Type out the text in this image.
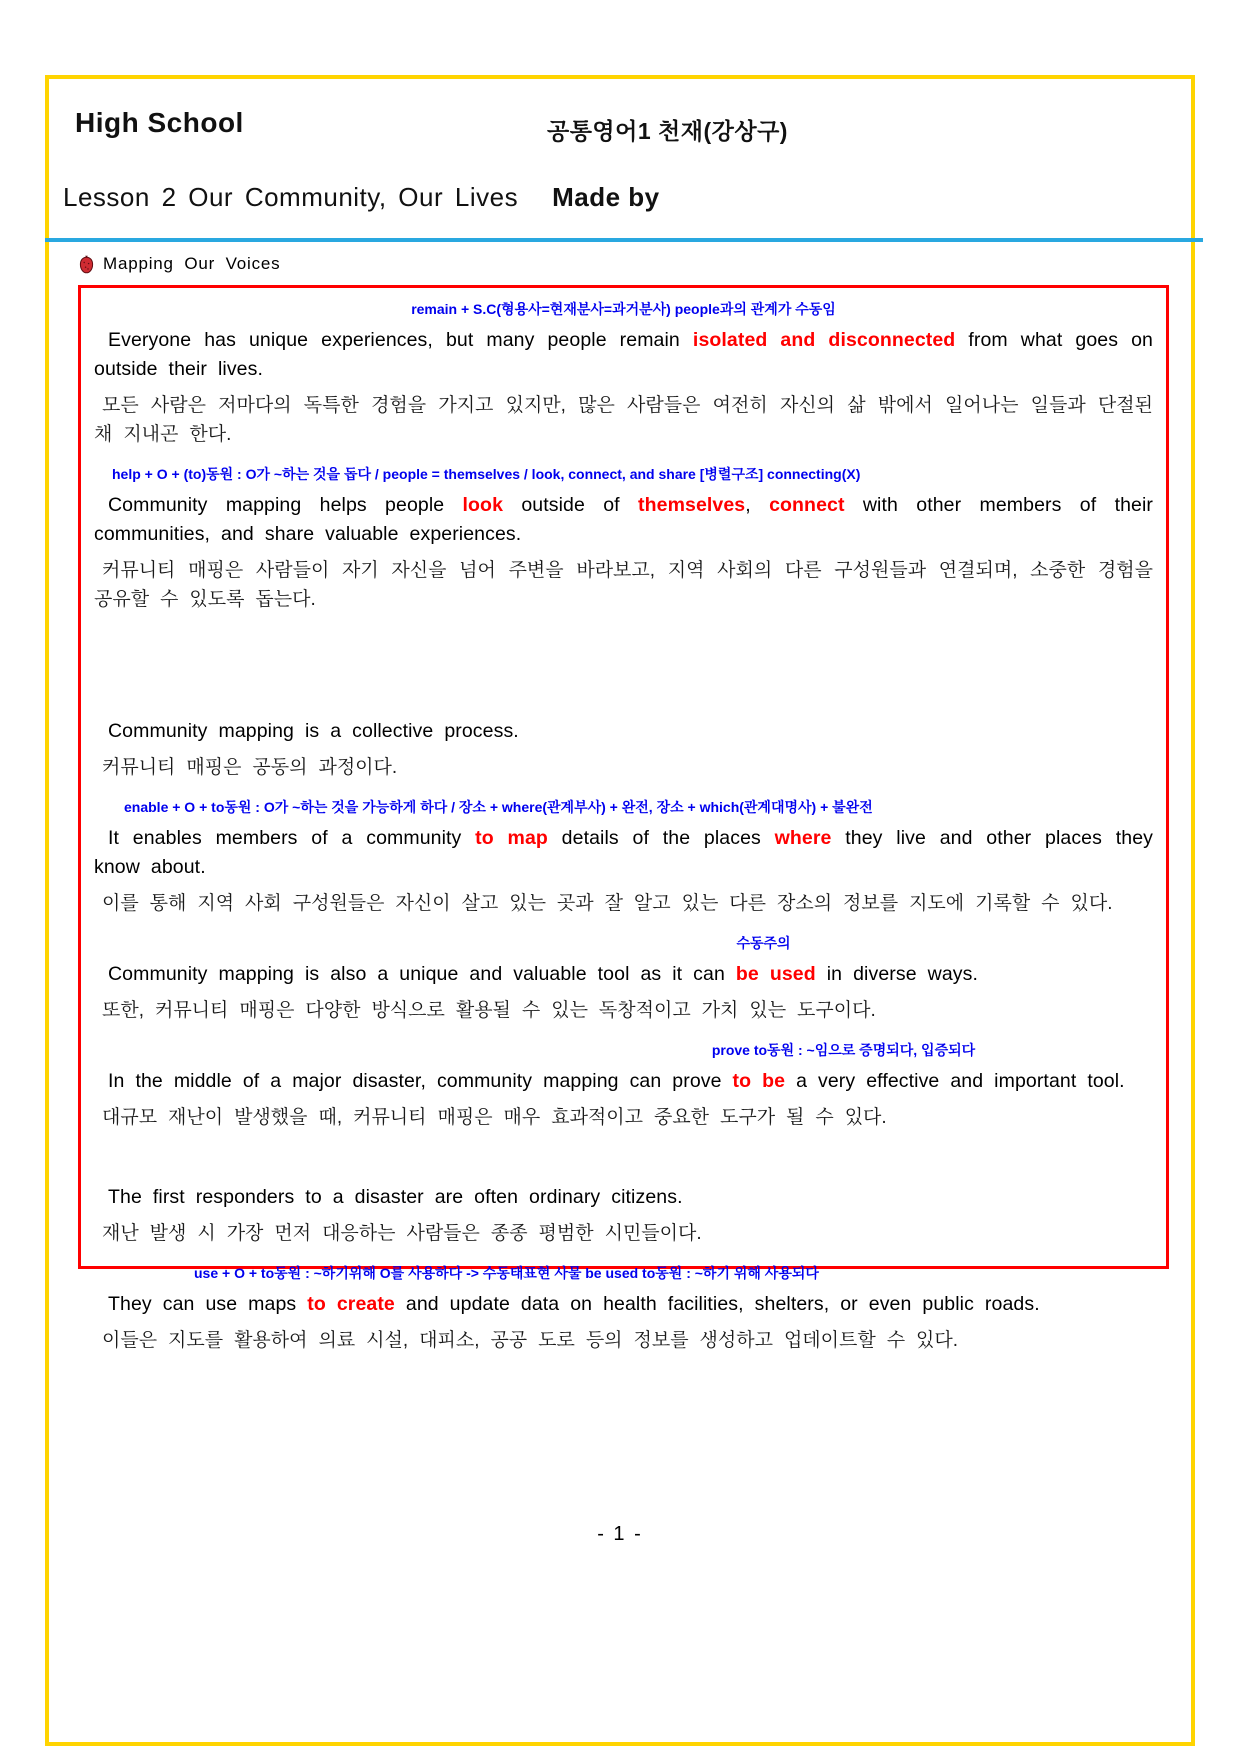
High School	공통영어1 천재(강상구)
Lesson 2 Our Community, Our Lives Made by
Mapping Our Voices
remain + S.C(형용사=현재분사=과거분사) people과의 관계가 수동임

Everyone has unique experiences, but many people remain isolated and disconnected from what goes on outside their lives.

모든 사람은 저마다의 독특한 경험을 가지고 있지만, 많은 사람들은 여전히 자신의 삶 밖에서 일어나는 일들과 단절된 채 지내곤 한다.

help + O + (to)동원 : O가 ~하는 것을 돕다 / people = themselves / look, connect, and share [병렬구조] connecting(X)

Community mapping helps people look outside of themselves, connect with other members of their communities, and share valuable experiences.

커뮤니티 매핑은 사람들이 자기 자신을 넘어 주변을 바라보고, 지역 사회의 다른 구성원들과 연결되며, 소중한 경험을 공유할 수 있도록 돕는다.

Community mapping is a collective process.

커뮤니티 매핑은 공동의 과정이다.

enable + O + to동원 : O가 ~하는 것을 가능하게 하다 / 장소 + where(관계부사) + 완전, 장소 + which(관계대명사) + 불완전

It enables members of a community to map details of the places where they live and other places they know about.

이를 통해 지역 사회 구성원들은 자신이 살고 있는 곳과 잘 알고 있는 다른 장소의 정보를 지도에 기록할 수 있다.

수동주의

Community mapping is also a unique and valuable tool as it can be used in diverse ways.

또한, 커뮤니티 매핑은 다양한 방식으로 활용될 수 있는 독창적이고 가치 있는 도구이다.

prove to동원 : ~임으로 증명되다, 입증되다

In the middle of a major disaster, community mapping can prove to be a very effective and important tool.

대규모 재난이 발생했을 때, 커뮤니티 매핑은 매우 효과적이고 중요한 도구가 될 수 있다.

The first responders to a disaster are often ordinary citizens.

재난 발생 시 가장 먼저 대응하는 사람들은 종종 평범한 시민들이다.

use + O + to동원 : ~하기위해 O를 사용하다 -> 수동태표현 사물 be used to동원 : ~하기 위해 사용되다

They can use maps to create and update data on health facilities, shelters, or even public roads.

이들은 지도를 활용하여 의료 시설, 대피소, 공공 도로 등의 정보를 생성하고 업데이트할 수 있다.

- 1 -
